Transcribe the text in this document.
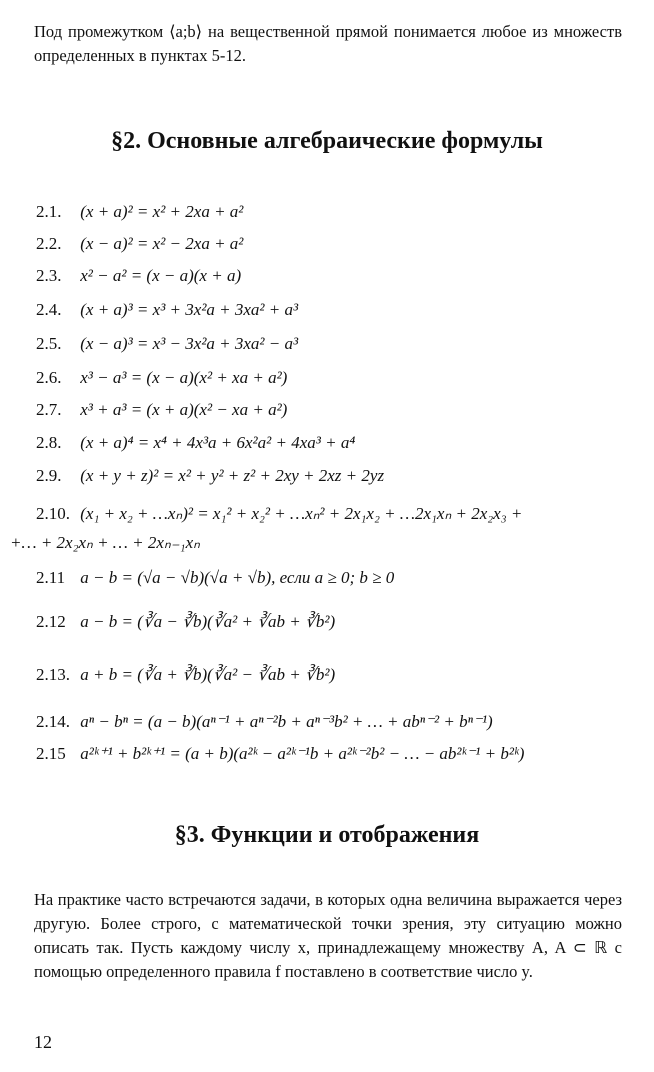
Под промежутком ⟨a;b⟩ на вещественной прямой понимается любое из множеств определенных в пунктах 5-12.

§2. Основные алгебраические формулы
2.1. (x + a)² = x² + 2xa + a²
2.2. (x − a)² = x² − 2xa + a²
2.3. x² − a² = (x − a)(x + a)
2.4. (x + a)³ = x³ + 3x²a + 3xa² + a³
2.5. (x − a)³ = x³ − 3x²a + 3xa² − a³
2.6. x³ − a³ = (x − a)(x² + xa + a²)
2.7. x³ + a³ = (x + a)(x² − xa + a²)
2.8. (x + a)⁴ = x⁴ + 4x³a + 6x²a² + 4xa³ + a⁴
2.9. (x + y + z)² = x² + y² + z² + 2xy + 2xz + 2yz
2.10. (x₁ + x₂ + …xₙ)² = x₁² + x₂² + …xₙ² + 2x₁x₂ + …2x₁xₙ + 2x₂x₃ +
+… + 2x₂xₙ + … + 2xₙ₋₁xₙ
2.11 a − b = (√a − √b)(√a + √b), если a ≥ 0; b ≥ 0
2.12 a − b = (∛a − ∛b)(∛a² + ∛ab + ∛b²)
2.13. a + b = (∛a + ∛b)(∛a² − ∛ab + ∛b²)
2.14. aⁿ − bⁿ = (a − b)(aⁿ⁻¹ + aⁿ⁻²b + aⁿ⁻³b² + … + abⁿ⁻² + bⁿ⁻¹)
2.15 a²ᵏ⁺¹ + b²ᵏ⁺¹ = (a + b)(a²ᵏ − a²ᵏ⁻¹b + a²ᵏ⁻²b² − … − ab²ᵏ⁻¹ + b²ᵏ)
§3. Функции и отображения

На практике часто встречаются задачи, в которых одна величина выражается через другую. Более строго, с математической точки зрения, эту ситуацию можно описать так. Пусть каждому числу x, принадлежащему множеству A, A ⊂ ℝ с помощью определенного правила f поставлено в соответствие число y.

12
